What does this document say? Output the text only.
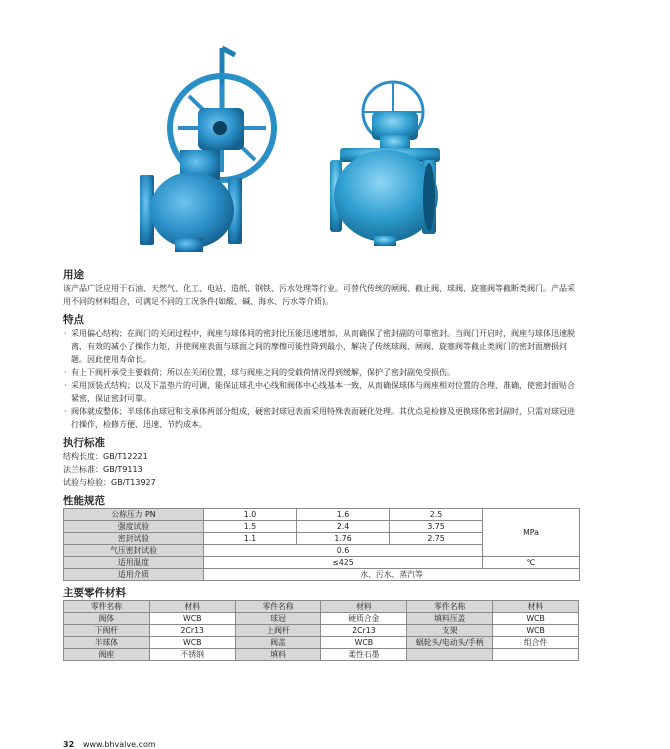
用途

该产品广泛应用于石油、天然气、化工、电站、造纸、钢铁、污水处理等行业。可替代传统的闸阀、截止阀、球阀、旋塞阀等截断类阀门。产品采用不同的材料组合，可满足不同的工况条件(如酸、碱、海水、污水等介质)。

特点

· 采用偏心结构；在阀门的关闭过程中，阀座与球体间的密封比压能迅速增加，从而确保了密封副的可靠密封。当阀门开启时，阀座与球体迅速脱离，有效的减小了操作力矩，并使阀座表面与球面之间的摩擦可能性降到最小，解决了传统球阀、闸阀、旋塞阀等截止类阀门的密封面磨损问题。因此使用寿命长。
· 有上下阀杆承受主要载荷；所以在关闭位置，球与阀座之间的受载荷情况得到缓解，保护了密封副免受损伤。
· 采用顶装式结构；以及下盖垫片的可调，能保证球孔中心线和阀体中心线基本一致，从而确保球体与阀座相对位置的合理、准确，使密封面贴合紧密，保证密封可靠。
· 阀体就成整体；半球体由球冠和支承体两部分组成，硬密封球冠表面采用特殊表面硬化处理。其优点是检修及更换球体密封副时，只需对球冠进行操作，检修方便、迅速、节约成本。

执行标准

结构长度：GB/T12221

法兰标准：GB/T9113

试验与检验：GB/T13927

性能规范

公称压力 PN	1.0	1.6	2.5	MPa
强度试验	1.5	2.4	3.75	
密封试验	1.1	1.76	2.75	
气压密封试验	0.6			
适用温度	≤425			℃
适用介质	水、污水、蒸汽等			

主要零件材料

零件名称	材料	零件名称	材料	零件名称	材料
阀体	WCB	球冠	硬质合金	填料压盖	WCB
下阀杆	2Cr13	上阀杆	2Cr13	支架	WCB
半球体	WCB	阀盖	WCB	蜗轮头/电动头/手柄	组合件
阀座	不锈钢	填料	柔性石墨		
32 www.bhvalve.com
